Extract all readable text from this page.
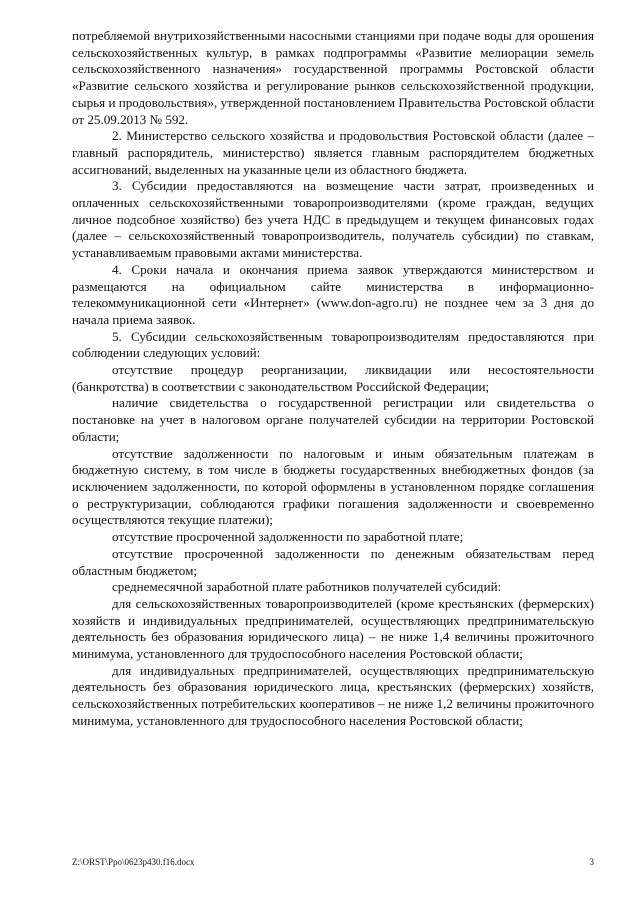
потребляемой внутрихозяйственными насосными станциями при подаче воды для орошения сельскохозяйственных культур, в рамках подпрограммы «Развитие мелиорации земель сельскохозяйственного назначения» государственной программы Ростовской области «Развитие сельского хозяйства и регулирование рынков сельскохозяйственной продукции, сырья и продовольствия», утвержденной постановлением Правительства Ростовской области от 25.09.2013 № 592.

2. Министерство сельского хозяйства и продовольствия Ростовской области (далее – главный распорядитель, министерство) является главным распорядителем бюджетных ассигнований, выделенных на указанные цели из областного бюджета.

3. Субсидии предоставляются на возмещение части затрат, произведенных и оплаченных сельскохозяйственными товаропроизводителями (кроме граждан, ведущих личное подсобное хозяйство) без учета НДС в предыдущем и текущем финансовых годах (далее – сельскохозяйственный товаропроизводитель, получатель субсидии) по ставкам, устанавливаемым правовыми актами министерства.

4. Сроки начала и окончания приема заявок утверждаются министерством и размещаются на официальном сайте министерства в информационно-телекоммуникационной сети «Интернет» (www.don-agro.ru) не позднее чем за 3 дня до начала приема заявок.

5. Субсидии сельскохозяйственным товаропроизводителям предоставляются при соблюдении следующих условий:

отсутствие процедур реорганизации, ликвидации или несостоятельности (банкротства) в соответствии с законодательством Российской Федерации;

наличие свидетельства о государственной регистрации или свидетельства о постановке на учет в налоговом органе получателей субсидии на территории Ростовской области;

отсутствие задолженности по налоговым и иным обязательным платежам в бюджетную систему, в том числе в бюджеты государственных внебюджетных фондов (за исключением задолженности, по которой оформлены в установленном порядке соглашения о реструктуризации, соблюдаются графики погашения задолженности и своевременно осуществляются текущие платежи);

отсутствие просроченной задолженности по заработной плате;

отсутствие просроченной задолженности по денежным обязательствам перед областным бюджетом;

среднемесячной заработной плате работников получателей субсидий:

для сельскохозяйственных товаропроизводителей (кроме крестьянских (фермерских) хозяйств и индивидуальных предпринимателей, осуществляющих предпринимательскую деятельность без образования юридического лица) – не ниже 1,4 величины прожиточного минимума, установленного для трудоспособного населения Ростовской области;

для индивидуальных предпринимателей, осуществляющих предпринимательскую деятельность без образования юридического лица, крестьянских (фермерских) хозяйств, сельскохозяйственных потребительских кооперативов – не ниже 1,2 величины прожиточного минимума, установленного для трудоспособного населения Ростовской области;

Z:\ORST\Ppo\0623p430.f16.docx	3
